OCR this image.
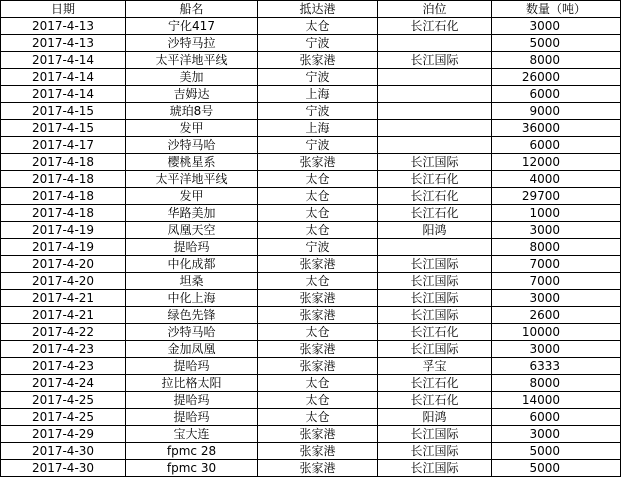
日期	船名	抵达港	泊位	数量（吨）
2017-4-13	宁化417	太仓	长江石化	3000
2017-4-13	沙特马拉	宁波		5000
2017-4-14	太平洋地平线	张家港	长江国际	8000
2017-4-14	美加	宁波		26000
2017-4-14	吉姆达	上海		6000
2017-4-15	琥珀8号	宁波		9000
2017-4-15	发甲	上海		36000
2017-4-17	沙特马哈	宁波		6000
2017-4-18	樱桃星系	张家港	长江国际	12000
2017-4-18	太平洋地平线	太仓	长江石化	4000
2017-4-18	发甲	太仓	长江石化	29700
2017-4-18	华路美加	太仓	长江石化	1000
2017-4-19	凤凰天空	太仓	阳鸿	3000
2017-4-19	提哈玛	宁波		8000
2017-4-20	中化成都	张家港	长江国际	7000
2017-4-20	坦桑	太仓	长江国际	7000
2017-4-21	中化上海	张家港	长江国际	3000
2017-4-21	绿色先锋	张家港	长江国际	2600
2017-4-22	沙特马哈	太仓	长江石化	10000
2017-4-23	金加凤凰	张家港	长江国际	3000
2017-4-23	提哈玛	张家港	孚宝	6333
2017-4-24	拉比格太阳	太仓	长江石化	8000
2017-4-25	提哈玛	太仓	长江石化	14000
2017-4-25	提哈玛	太仓	阳鸿	6000
2017-4-29	宝大连	张家港	长江国际	3000
2017-4-30	fpmc 28	张家港	长江国际	5000
2017-4-30	fpmc 30	张家港	长江国际	5000
